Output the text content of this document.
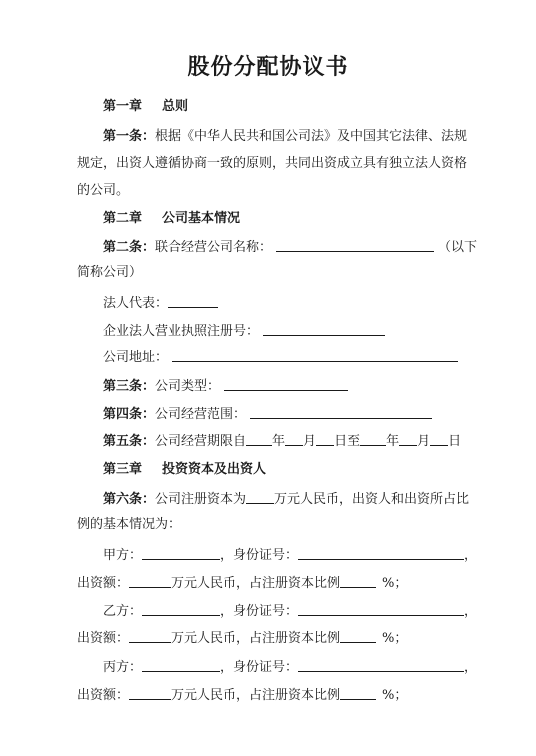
股份分配协议书
第一章 总则
第一条：根据《中华人民共和国公司法》及中国其它法律、法规
规定，出资人遵循协商一致的原则，共同出资成立具有独立法人资格
的公司。
第二章 公司基本情况
第二条：联合经营公司名称：	（以下
简称公司）
法人代表：
企业法人营业执照注册号：
公司地址：
第三条：公司类型：
第四条：公司经营范围：
第五条：公司经营期限自 年 月 日至 年 月 日
第三章 投资资本及出资人
第六条：公司注册资本为 万元人民币，出资人和出资所占比
例的基本情况为：
甲方：	，身份证号：	，
出资额：	万元人民币，占注册资本比例	%；
乙方：	，身份证号：	，
出资额：	万元人民币，占注册资本比例	%；
丙方：	，身份证号：	，
出资额：	万元人民币，占注册资本比例	%；
